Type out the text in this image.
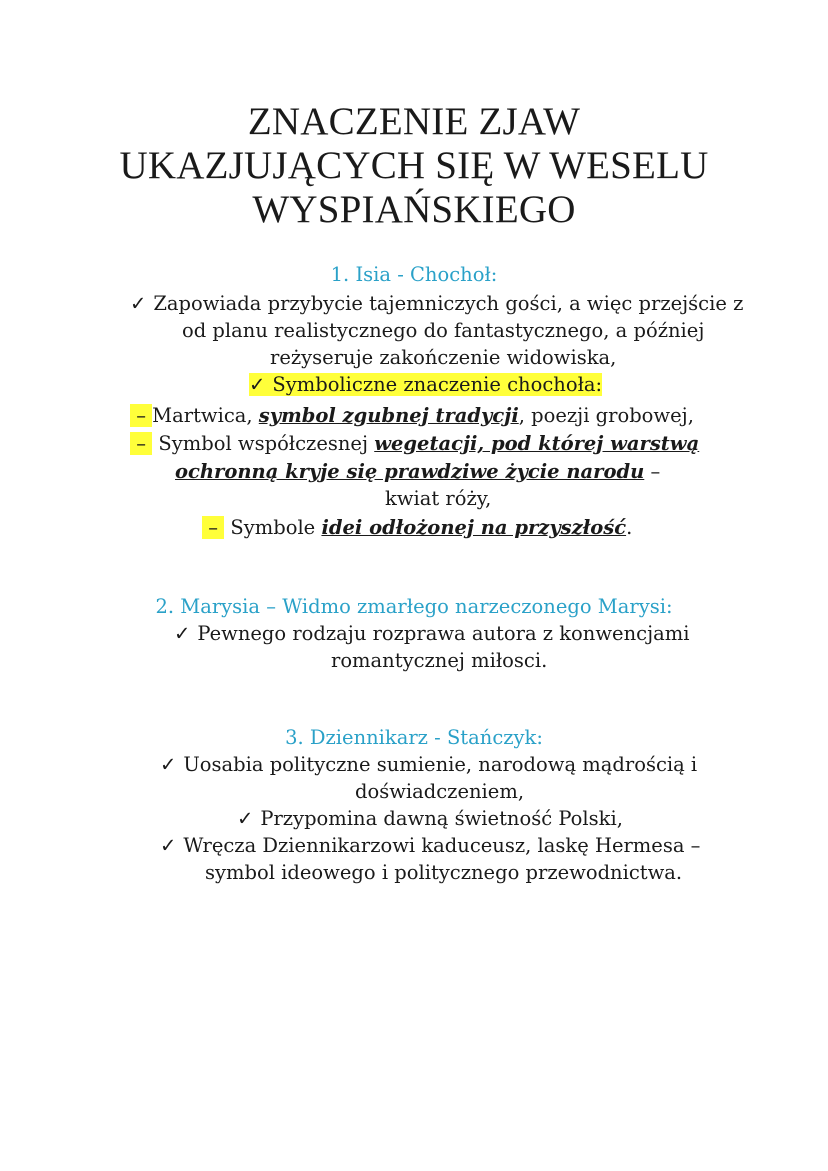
ZNACZENIE ZJAW
UKAZJUJĄCYCH SIĘ W WESELU
WYSPIAŃSKIEGO
1. Isia - Chochoł:
✓ Zapowiada przybycie tajemniczych gości, a więc przejście z
od planu realistycznego do fantastycznego, a później
reżyseruje zakończenie widowiska,
✓ Symboliczne znaczenie chochoła:
– Martwica, symbol zgubnej tradycji, poezji grobowej,
– Symbol współczesnej wegetacji, pod której warstwą
ochronną kryje się prawdziwe życie narodu –
kwiat róży,
– Symbole idei odłożonej na przyszłość.
2. Marysia – Widmo zmarłego narzeczonego Marysi:
✓ Pewnego rodzaju rozprawa autora z konwencjami
romantycznej miłosci.
3. Dziennikarz - Stańczyk:
✓ Uosabia polityczne sumienie, narodową mądrością i
doświadczeniem,
✓ Przypomina dawną świetność Polski,
✓ Wręcza Dziennikarzowi kaduceusz, laskę Hermesa –
symbol ideowego i politycznego przewodnictwa.
